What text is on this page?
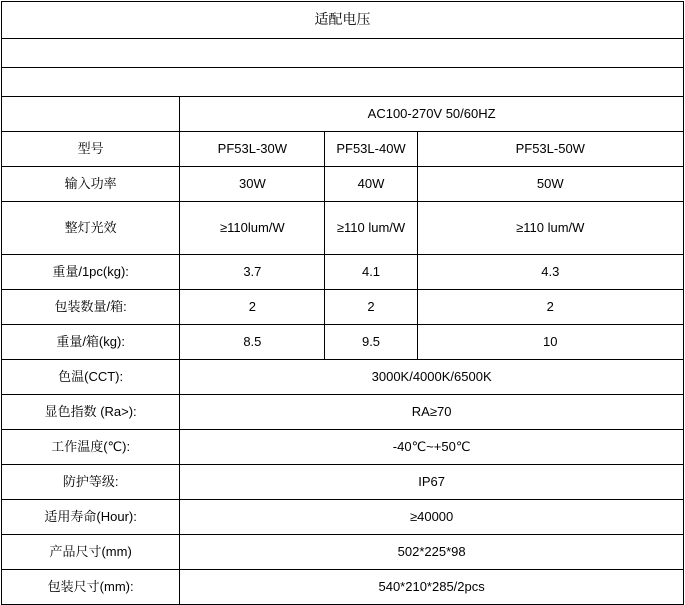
适配电压			

	AC100-270V 50/60HZ		
型号	PF53L-30W	PF53L-40W	PF53L-50W
输入功率	30W	40W	50W
整灯光效	≥110lum/W	≥110 lum/W	≥110 lum/W
重量/1pc(kg):	3.7	4.1	4.3
包装数量/箱:	2	2	2
重量/箱(kg):	8.5	9.5	10
色温(CCT):	3000K/4000K/6500K		
显色指数 (Ra>):	RA≥70		
工作温度(℃):	-40℃~+50℃		
防护等级:	IP67		
适用寿命(Hour):	≥40000		
产品尺寸(mm)	502*225*98		
包装尺寸(mm):	540*210*285/2pcs		
